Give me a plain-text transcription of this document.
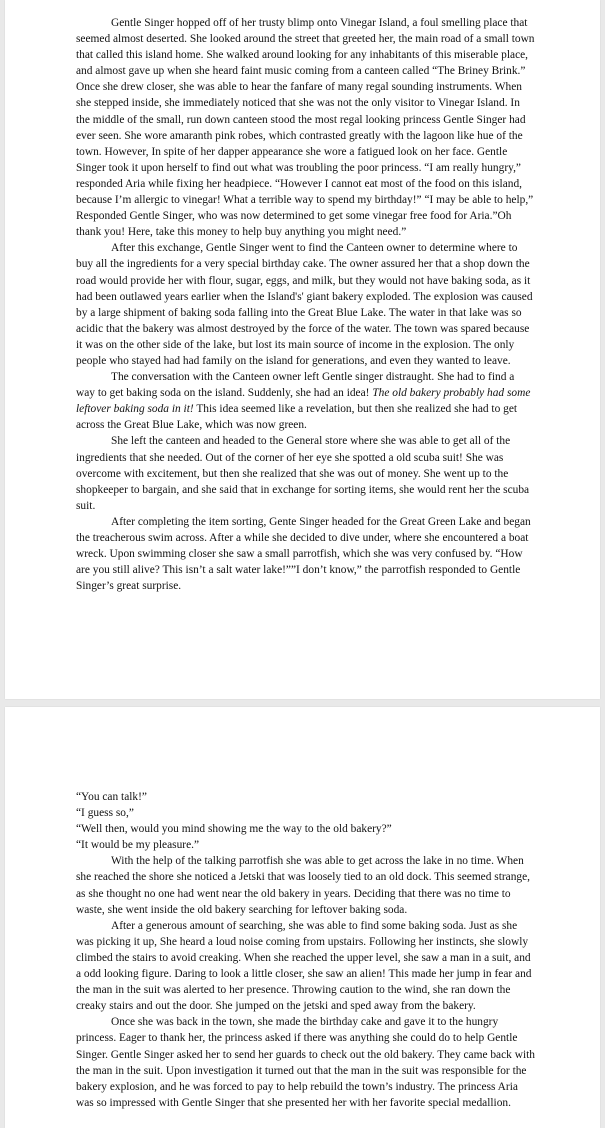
Gentle Singer hopped off of her trusty blimp onto Vinegar Island, a foul smelling place that seemed almost deserted. She looked around the street that greeted her, the main road of a small town that called this island home. She walked around looking for any inhabitants of this miserable place, and almost gave up when she heard faint music coming from a canteen called “The Briney Brink.” Once she drew closer, she was able to hear the fanfare of many regal sounding instruments. When she stepped inside, she immediately noticed that she was not the only visitor to Vinegar Island. In the middle of the small, run down canteen stood the most regal looking princess Gentle Singer had ever seen. She wore amaranth pink robes, which contrasted greatly with the lagoon like hue of the town. However, In spite of her dapper appearance she wore a fatigued look on her face. Gentle Singer took it upon herself to find out what was troubling the poor princess. “I am really hungry,” responded Aria while fixing her headpiece. “However I cannot eat most of the food on this island, because I’m allergic to vinegar! What a terrible way to spend my birthday!” “I may be able to help,” Responded Gentle Singer, who was now determined to get some vinegar free food for Aria.”Oh thank you! Here, take this money to help buy anything you might need.”

After this exchange, Gentle Singer went to find the Canteen owner to determine where to buy all the ingredients for a very special birthday cake. The owner assured her that a shop down the road would provide her with flour, sugar, eggs, and milk, but they would not have baking soda, as it had been outlawed years earlier when the Island's' giant bakery exploded. The explosion was caused by a large shipment of baking soda falling into the Great Blue Lake. The water in that lake was so acidic that the bakery was almost destroyed by the force of the water. The town was spared because it was on the other side of the lake, but lost its main source of income in the explosion. The only people who stayed had had family on the island for generations, and even they wanted to leave.

The conversation with the Canteen owner left Gentle singer distraught. She had to find a way to get baking soda on the island. Suddenly, she had an idea! The old bakery probably had some leftover baking soda in it! This idea seemed like a revelation, but then she realized she had to get across the Great Blue Lake, which was now green.

She left the canteen and headed to the General store where she was able to get all of the ingredients that she needed. Out of the corner of her eye she spotted a old scuba suit! She was overcome with excitement, but then she realized that she was out of money. She went up to the shopkeeper to bargain, and she said that in exchange for sorting items, she would rent her the scuba suit.

After completing the item sorting, Gente Singer headed for the Great Green Lake and began the treacherous swim across. After a while she decided to dive under, where she encountered a boat wreck. Upon swimming closer she saw a small parrotfish, which she was very confused by. “How are you still alive? This isn’t a salt water lake!””I don’t know,” the parrotfish responded to Gentle Singer’s great surprise.

“You can talk!”

“I guess so,”

“Well then, would you mind showing me the way to the old bakery?”

“It would be my pleasure.”

With the help of the talking parrotfish she was able to get across the lake in no time. When she reached the shore she noticed a Jetski that was loosely tied to an old dock. This seemed strange, as she thought no one had went near the old bakery in years. Deciding that there was no time to waste, she went inside the old bakery searching for leftover baking soda.

After a generous amount of searching, she was able to find some baking soda. Just as she was picking it up, She heard a loud noise coming from upstairs. Following her instincts, she slowly climbed the stairs to avoid creaking. When she reached the upper level, she saw a man in a suit, and a odd looking figure. Daring to look a little closer, she saw an alien! This made her jump in fear and the man in the suit was alerted to her presence. Throwing caution to the wind, she ran down the creaky stairs and out the door. She jumped on the jetski and sped away from the bakery.

Once she was back in the town, she made the birthday cake and gave it to the hungry princess. Eager to thank her, the princess asked if there was anything she could do to help Gentle Singer. Gentle Singer asked her to send her guards to check out the old bakery. They came back with the man in the suit. Upon investigation it turned out that the man in the suit was responsible for the bakery explosion, and he was forced to pay to help rebuild the town’s industry. The princess Aria was so impressed with Gentle Singer that she presented her with her favorite special medallion.
